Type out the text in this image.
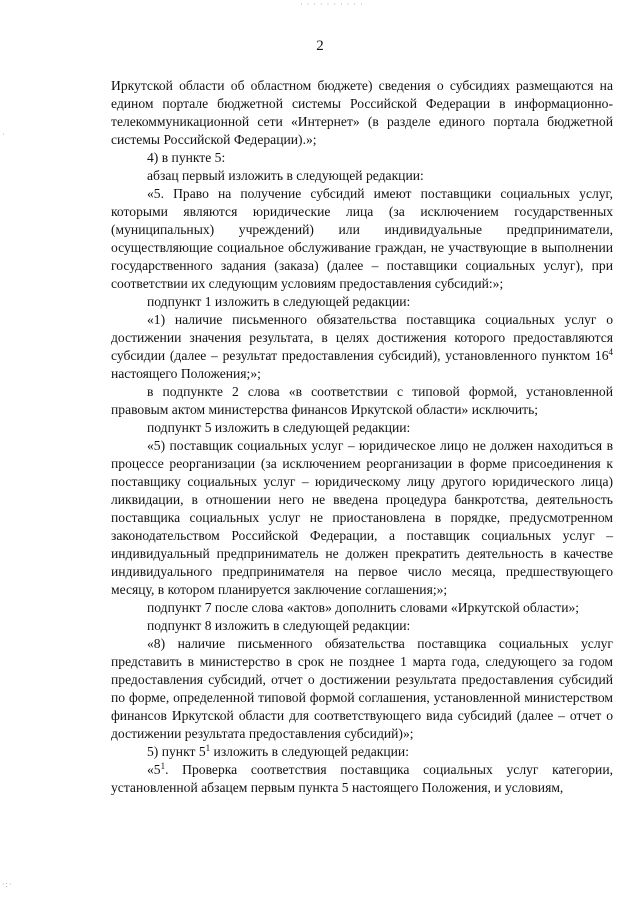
2

Иркутской области об областном бюджете) сведения о субсидиях размещаются на едином портале бюджетной системы Российской Федерации в информационно-телекоммуникационной сети «Интернет» (в разделе единого портала бюджетной системы Российской Федерации).»;

4) в пункте 5:

абзац первый изложить в следующей редакции:

«5. Право на получение субсидий имеют поставщики социальных услуг, которыми являются юридические лица (за исключением государственных (муниципальных) учреждений) или индивидуальные предприниматели, осуществляющие социальное обслуживание граждан, не участвующие в выполнении государственного задания (заказа) (далее – поставщики социальных услуг), при соответствии их следующим условиям предоставления субсидий:»;

подпункт 1 изложить в следующей редакции:

«1) наличие письменного обязательства поставщика социальных услуг о достижении значения результата, в целях достижения которого предоставляются субсидии (далее – результат предоставления субсидий), установленного пунктом $16^4$ настоящего Положения;»;

в подпункте 2 слова «в соответствии с типовой формой, установленной правовым актом министерства финансов Иркутской области» исключить;

подпункт 5 изложить в следующей редакции:

«5) поставщик социальных услуг – юридическое лицо не должен находиться в процессе реорганизации (за исключением реорганизации в форме присоединения к поставщику социальных услуг – юридическому лицу другого юридического лица) ликвидации, в отношении него не введена процедура банкротства, деятельность поставщика социальных услуг не приостановлена в порядке, предусмотренном законодательством Российской Федерации, а поставщик социальных услуг – индивидуальный предприниматель не должен прекратить деятельность в качестве индивидуального предпринимателя на первое число месяца, предшествующего месяцу, в котором планируется заключение соглашения;»;

подпункт 7 после слова «актов» дополнить словами «Иркутской области»;

подпункт 8 изложить в следующей редакции:

«8) наличие письменного обязательства поставщика социальных услуг представить в министерство в срок не позднее 1 марта года, следующего за годом предоставления субсидий, отчет о достижении результата предоставления субсидий по форме, определенной типовой формой соглашения, установленной министерством финансов Иркутской области для соответствующего вида субсидий (далее – отчет о достижении результата предоставления субсидий)»;

5) пункт $5^1$ изложить в следующей редакции:

«$5^1$. Проверка соответствия поставщика социальных услуг категории, установленной абзацем первым пункта 5 настоящего Положения, и условиям,

· · · · · · · · · ·
·:·
·
